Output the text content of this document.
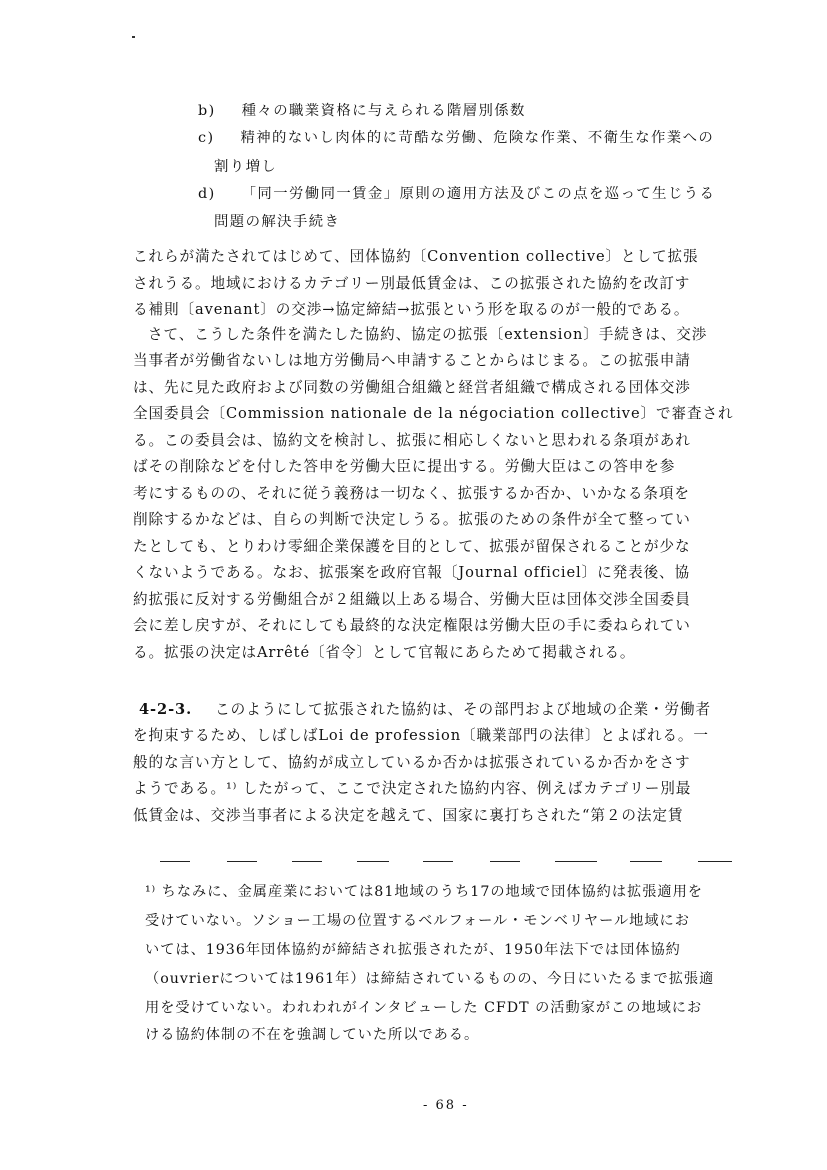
b) 種々の職業資格に与えられる階層別係数
c) 精神的ないし肉体的に苛酷な労働、危険な作業、不衛生な作業への
割り増し
d) 「同一労働同一賃金」原則の適用方法及びこの点を巡って生じうる
問題の解決手続き
これらが満たされてはじめて、団体協約〔Convention collective〕として拡張
されうる。地域におけるカテゴリー別最低賃金は、この拡張された協約を改訂す
る補則〔avenant〕の交渉→協定締結→拡張という形を取るのが一般的である。
さて、こうした条件を満たした協約、協定の拡張〔extension〕手続きは、交渉
当事者が労働省ないしは地方労働局へ申請することからはじまる。この拡張申請
は、先に見た政府および同数の労働組合組織と経営者組織で構成される団体交渉
全国委員会〔Commission nationale de la négociation collective〕で審査され
る。この委員会は、協約文を検討し、拡張に相応しくないと思われる条項があれ
ばその削除などを付した答申を労働大臣に提出する。労働大臣はこの答申を参
考にするものの、それに従う義務は一切なく、拡張するか否か、いかなる条項を
削除するかなどは、自らの判断で決定しうる。拡張のための条件が全て整ってい
たとしても、とりわけ零細企業保護を目的として、拡張が留保されることが少な
くないようである。なお、拡張案を政府官報〔Journal officiel〕に発表後、協
約拡張に反対する労働組合が２組織以上ある場合、労働大臣は団体交渉全国委員
会に差し戻すが、それにしても最終的な決定権限は労働大臣の手に委ねられてい
る。拡張の決定はArrêté〔省令〕として官報にあらためて掲載される。
4-2-3. このようにして拡張された協約は、その部門および地域の企業・労働者
を拘束するため、しばしばLoi de profession〔職業部門の法律〕とよばれる。一
般的な言い方として、協約が成立しているか否かは拡張されているか否かをさす
ようである。¹⁾ したがって、ここで決定された協約内容、例えばカテゴリー別最
低賃金は、交渉当事者による決定を越えて、国家に裏打ちされた“第２の法定賃
¹⁾ ちなみに、金属産業においては81地域のうち17の地域で団体協約は拡張適用を
受けていない。ソショー工場の位置するベルフォール・モンベリヤール地域にお
いては、1936年団体協約が締結され拡張されたが、1950年法下では団体協約
（ouvrierについては1961年）は締結されているものの、今日にいたるまで拡張適
用を受けていない。われわれがインタビューした CFDT の活動家がこの地域にお
ける協約体制の不在を強調していた所以である。
- 68 -
